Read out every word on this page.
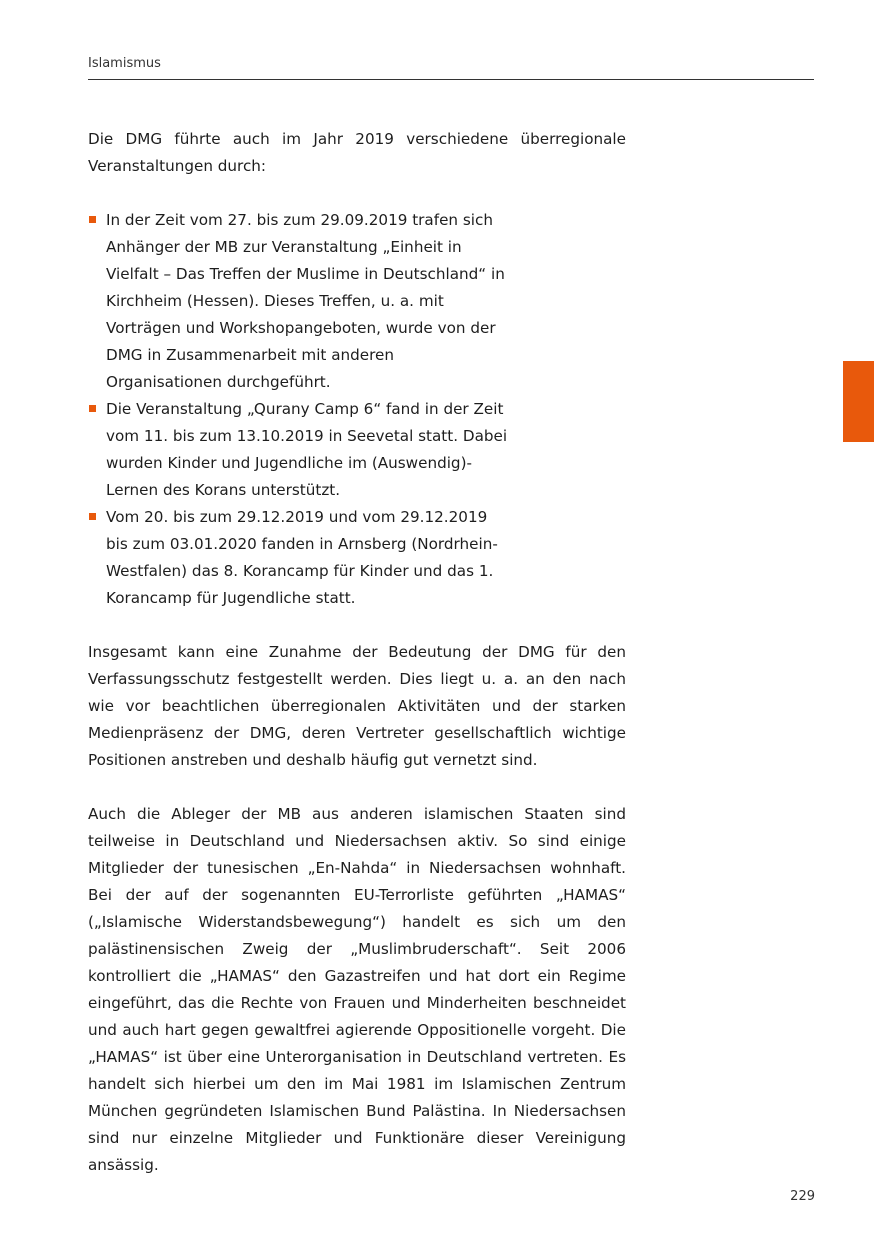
Islamismus

Die DMG führte auch im Jahr 2019 verschiedene überregionale Veranstaltungen durch:

In der Zeit vom 27. bis zum 29.09.2019 trafen sich Anhänger der MB zur Veranstaltung „Einheit in Vielfalt – Das Treffen der Muslime in Deutschland“ in Kirchheim (Hessen). Dieses Treffen, u. a. mit Vorträgen und Workshopangeboten, wurde von der DMG in Zusammenarbeit mit anderen Organisationen durchgeführt.
Die Veranstaltung „Qurany Camp 6“ fand in der Zeit vom 11. bis zum 13.10.2019 in Seevetal statt. Dabei wurden Kinder und Jugendliche im (Auswendig)-Lernen des Korans unterstützt.
Vom 20. bis zum 29.12.2019 und vom 29.12.2019 bis zum 03.01.2020 fanden in Arnsberg (Nordrhein-Westfalen) das 8. Korancamp für Kinder und das 1. Korancamp für Jugendliche statt.

Insgesamt kann eine Zunahme der Bedeutung der DMG für den Verfassungsschutz festgestellt werden. Dies liegt u. a. an den nach wie vor beachtlichen überregionalen Aktivitäten und der starken Medienpräsenz der DMG, deren Vertreter gesellschaftlich wichtige Positionen anstreben und deshalb häufig gut vernetzt sind.

Auch die Ableger der MB aus anderen islamischen Staaten sind teilweise in Deutschland und Niedersachsen aktiv. So sind einige Mitglieder der tunesischen „En-Nahda“ in Niedersachsen wohnhaft. Bei der auf der sogenannten EU-Terrorliste geführten „HAMAS“ („Islamische Widerstandsbewegung“) handelt es sich um den palästinensischen Zweig der „Muslimbruderschaft“. Seit 2006 kontrolliert die „HAMAS“ den Gazastreifen und hat dort ein Regime eingeführt, das die Rechte von Frauen und Minderheiten beschneidet und auch hart gegen gewaltfrei agierende Oppositionelle vorgeht. Die „HAMAS“ ist über eine Unterorganisation in Deutschland vertreten. Es handelt sich hierbei um den im Mai 1981 im Islamischen Zentrum München gegründeten Islamischen Bund Palästina. In Niedersachsen sind nur einzelne Mitglieder und Funktionäre dieser Vereinigung ansässig.

229
